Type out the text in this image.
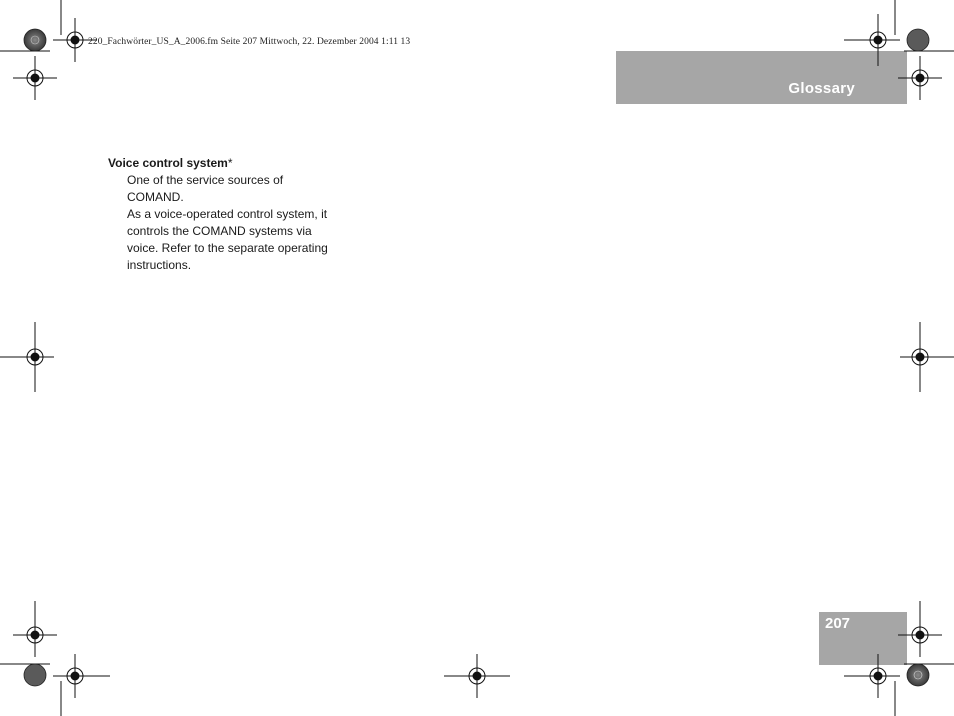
220_Fachwörter_US_A_2006.fm Seite 207 Mittwoch, 22. Dezember 2004 1:11 13
Glossary

Voice control system*

One of the service sources of
COMAND.
As a voice-operated control system, it
controls the COMAND systems via
voice. Refer to the separate operating
instructions.

207
